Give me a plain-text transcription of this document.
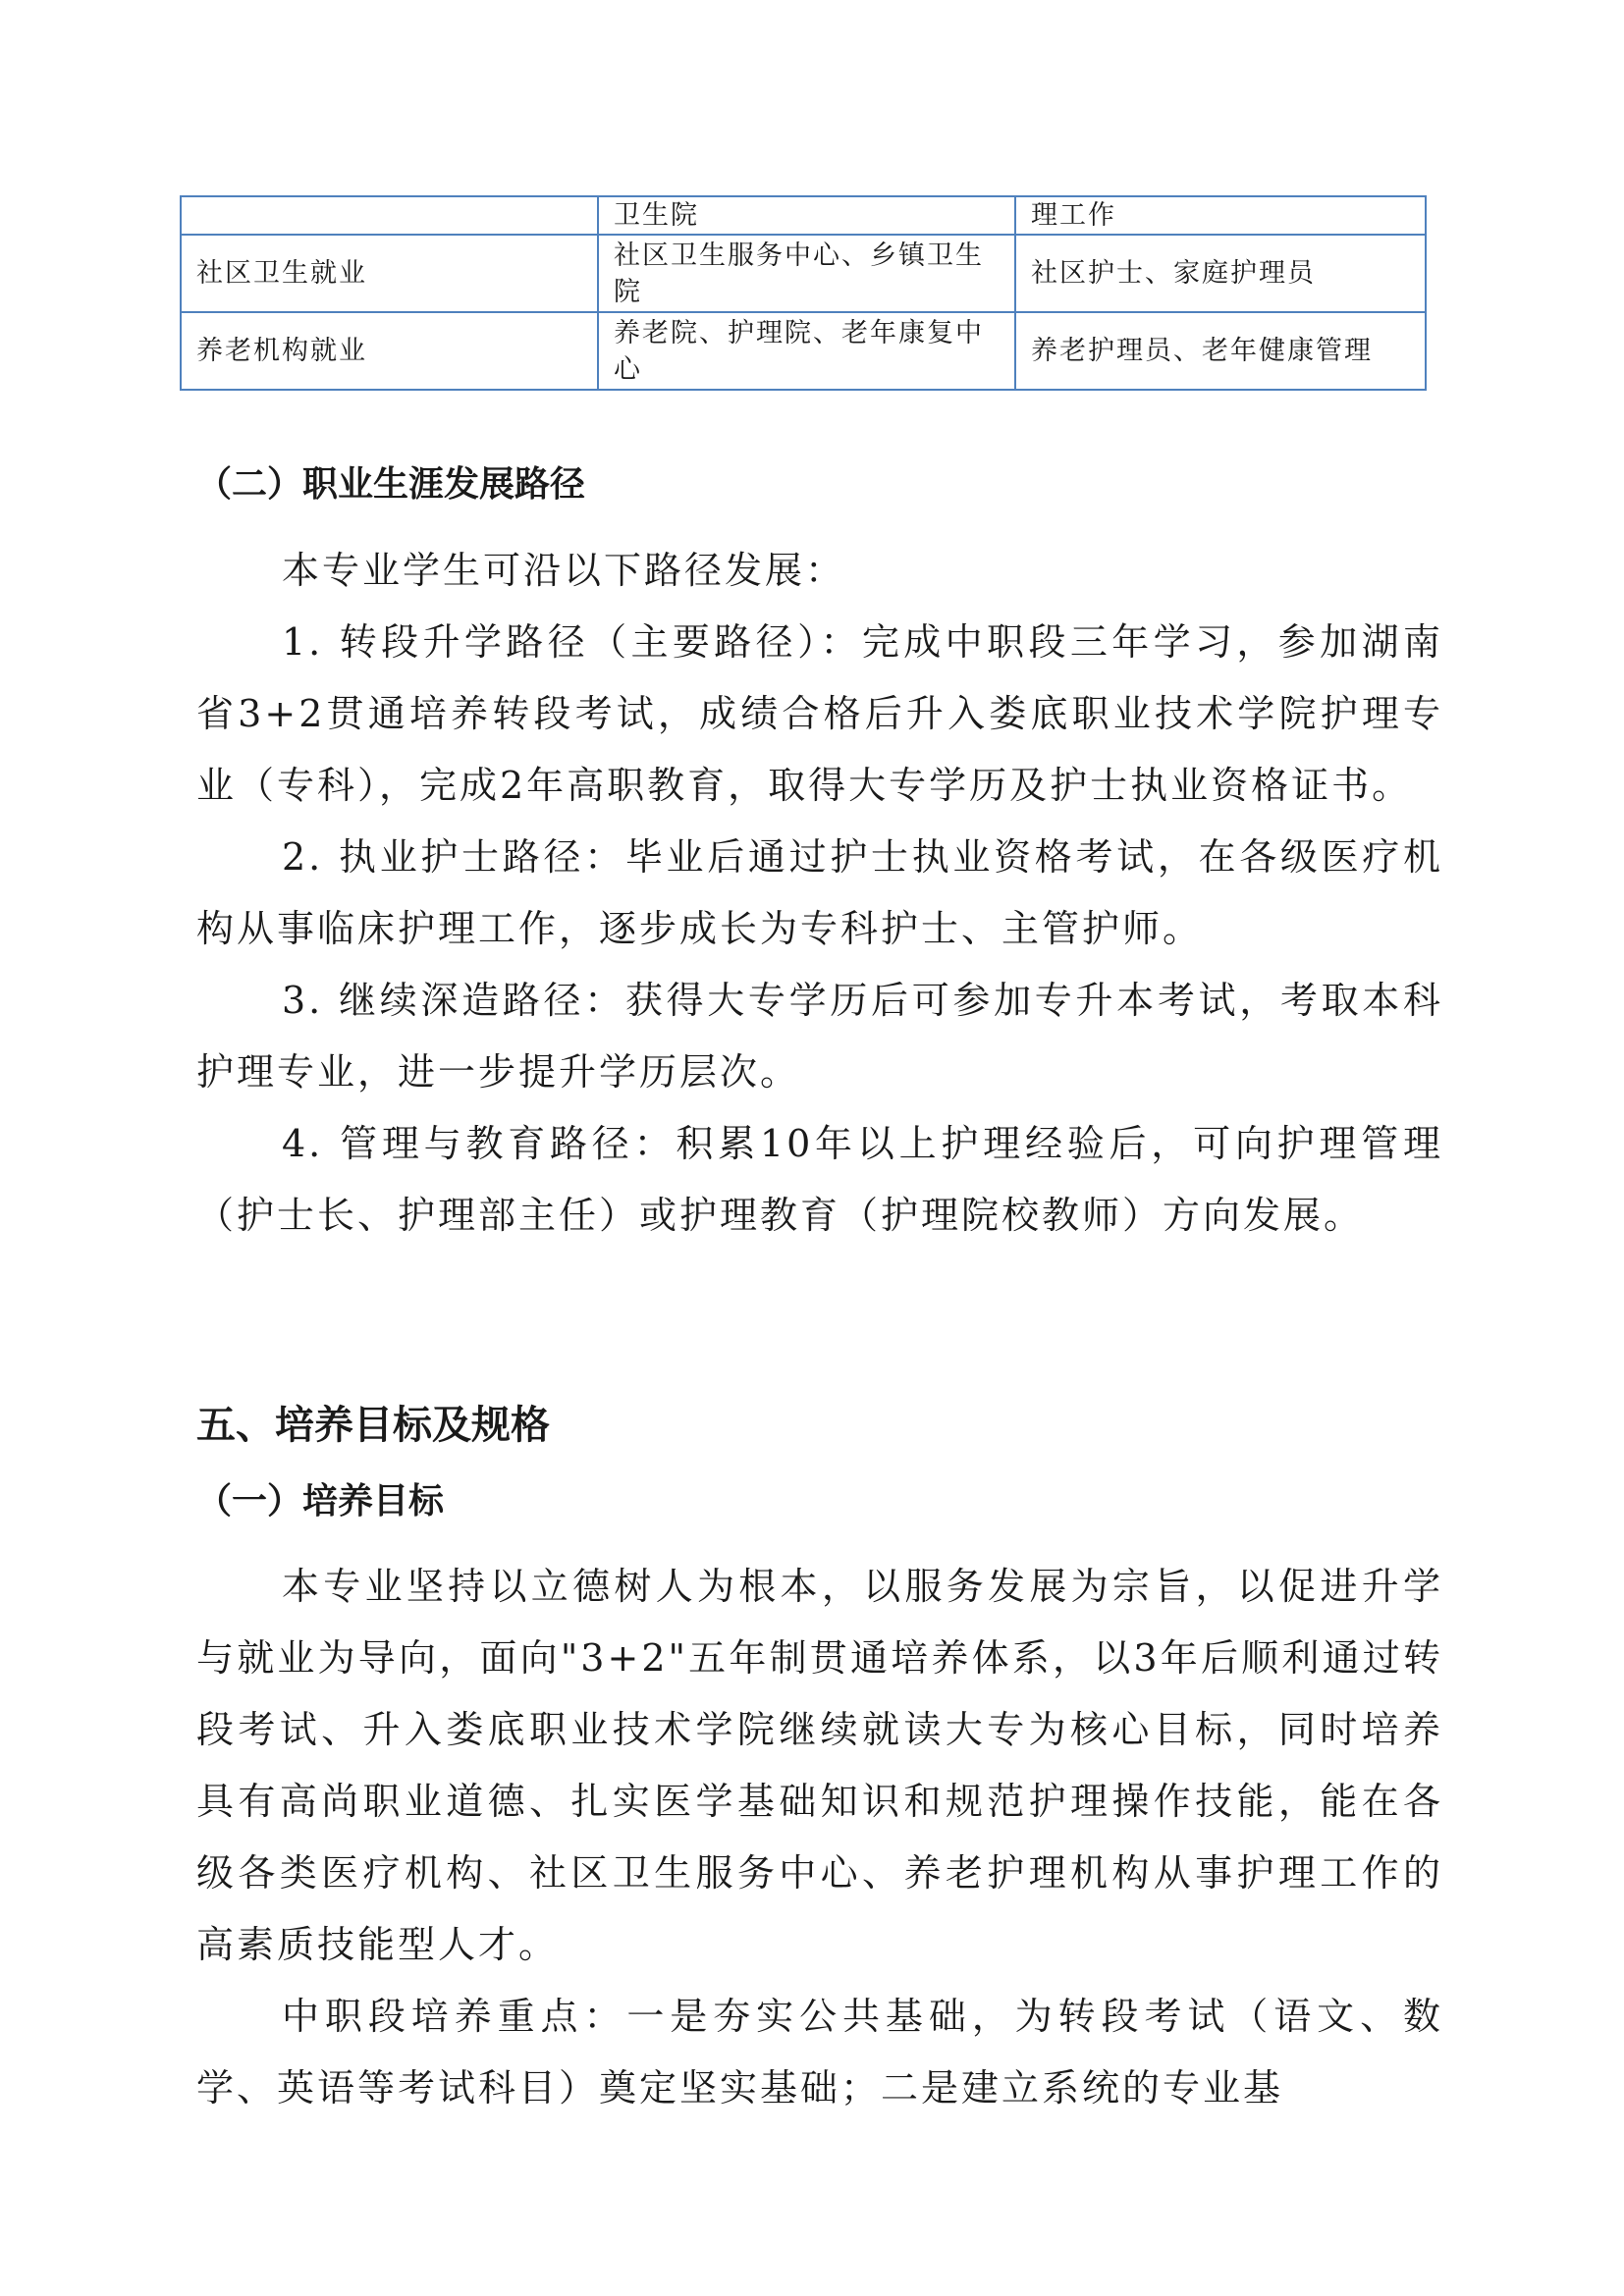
	卫生院	理工作
社区卫生就业	社区卫生服务中心、乡镇卫生院	社区护士、家庭护理员
养老机构就业	养老院、护理院、老年康复中心	养老护理员、老年健康管理
（二）职业生涯发展路径

本专业学生可沿以下路径发展：

1. 转段升学路径（主要路径）：完成中职段三年学习，参加湖南省3+2贯通培养转段考试，成绩合格后升入娄底职业技术学院护理专业（专科），完成2年高职教育，取得大专学历及护士执业资格证书。

2. 执业护士路径：毕业后通过护士执业资格考试，在各级医疗机构从事临床护理工作，逐步成长为专科护士、主管护师。

3. 继续深造路径：获得大专学历后可参加专升本考试，考取本科护理专业，进一步提升学历层次。

4. 管理与教育路径：积累10年以上护理经验后，可向护理管理（护士长、护理部主任）或护理教育（护理院校教师）方向发展。

五、培养目标及规格
（一）培养目标

本专业坚持以立德树人为根本，以服务发展为宗旨，以促进升学与就业为导向，面向"3+2"五年制贯通培养体系，以3年后顺利通过转段考试、升入娄底职业技术学院继续就读大专为核心目标，同时培养具有高尚职业道德、扎实医学基础知识和规范护理操作技能，能在各级各类医疗机构、社区卫生服务中心、养老护理机构从事护理工作的高素质技能型人才。

中职段培养重点：一是夯实公共基础，为转段考试（语文、数学、英语等考试科目）奠定坚实基础；二是建立系统的专业基
